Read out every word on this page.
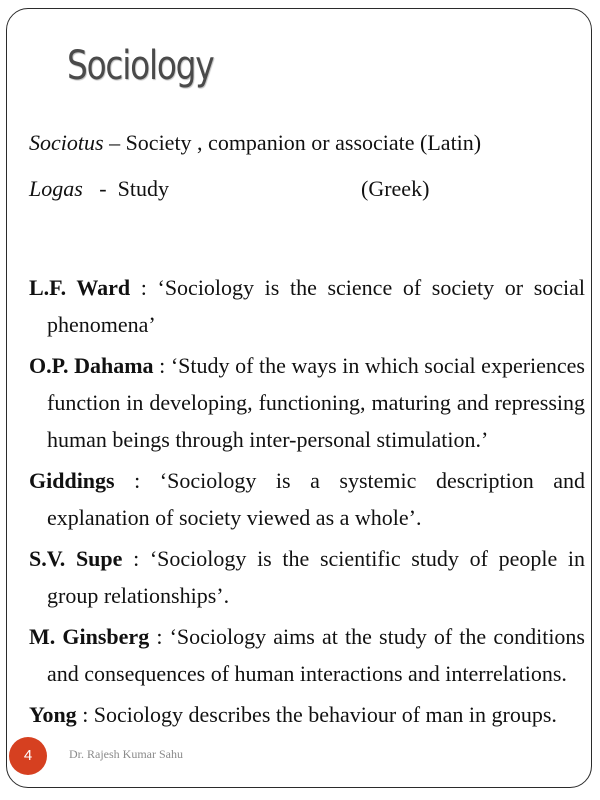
Sociology
Sociotus – Society , companion or associate (Latin)
Logas   -  Study	(Greek)
L.F. Ward : ‘Sociology is the science of society or social phenomena’
O.P. Dahama : ‘Study of the ways in which social experiences function in developing, functioning, maturing and repressing human beings through inter-personal stimulation.’
Giddings : ‘Sociology is a systemic description and explanation of society viewed as a whole’.
S.V. Supe : ‘Sociology is the scientific study of people in group relationships’.
M. Ginsberg : ‘Sociology aims at the study of the conditions and consequences of human interactions and interrelations.
Yong : Sociology describes the behaviour of man in groups.
4	Dr. Rajesh Kumar Sahu
